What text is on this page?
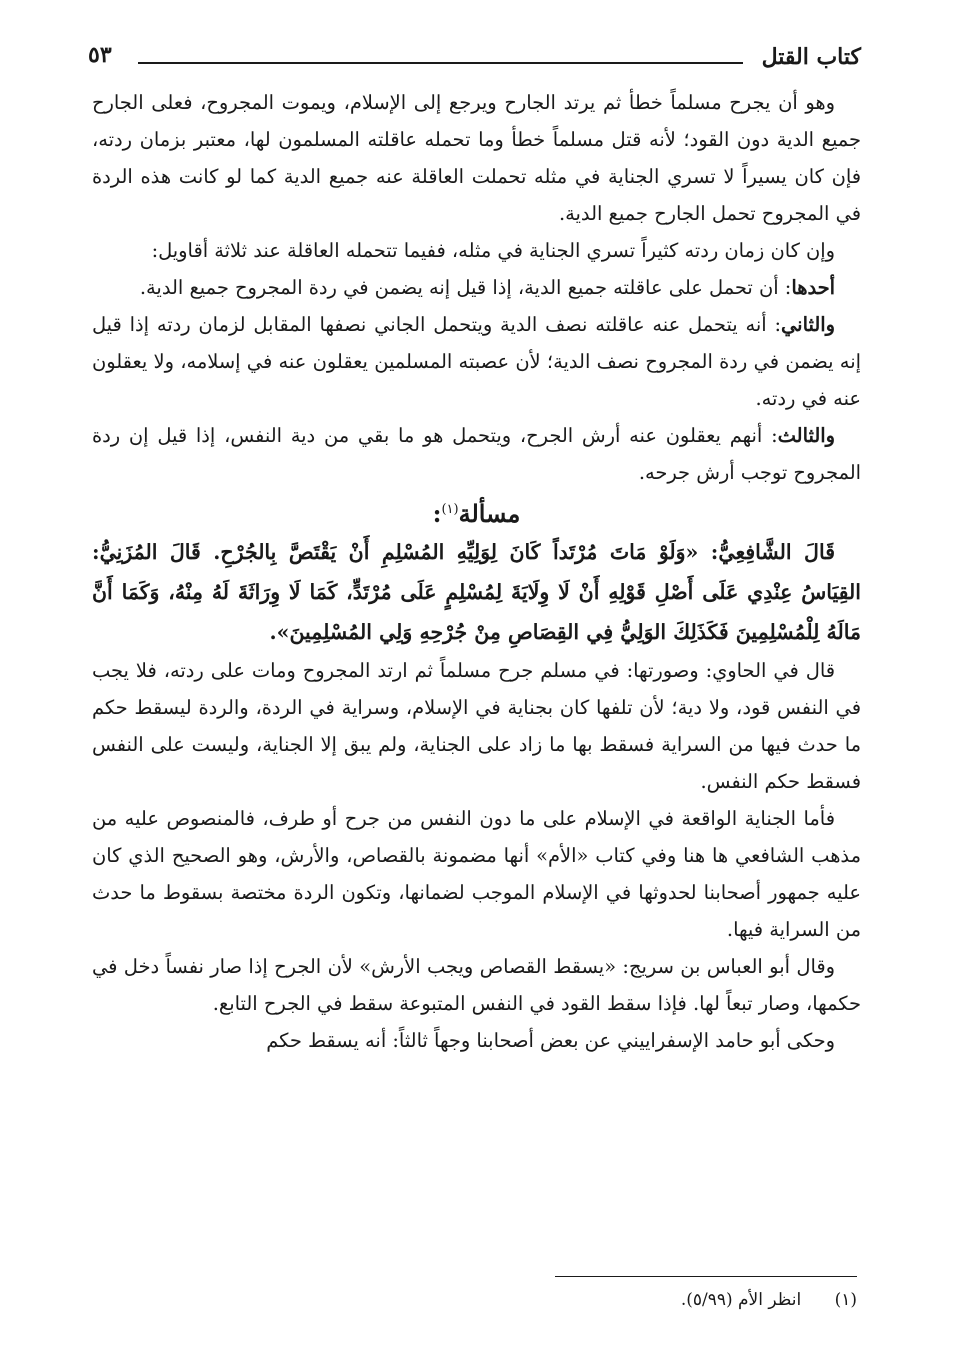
كتاب القتل
٥٣

وهو أن يجرح مسلماً خطأ ثم يرتد الجارح ويرجع إلى الإسلام، ويموت المجروح، فعلى الجارح جميع الدية دون القود؛ لأنه قتل مسلماً خطأ وما تحمله عاقلته المسلمون لها، معتبر بزمان ردته، فإن كان يسيراً لا تسري الجناية في مثله تحملت العاقلة عنه جميع الدية كما لو كانت هذه الردة في المجروح تحمل الجارح جميع الدية.

وإن كان زمان ردته كثيراً تسري الجناية في مثله، ففيما تتحمله العاقلة عند ثلاثة أقاويل:

أحدها: أن تحمل على عاقلته جميع الدية، إذا قيل إنه يضمن في ردة المجروح جميع الدية.

والثاني: أنه يتحمل عنه عاقلته نصف الدية ويتحمل الجاني نصفها المقابل لزمان ردته إذا قيل إنه يضمن في ردة المجروح نصف الدية؛ لأن عصبته المسلمين يعقلون عنه في إسلامه، ولا يعقلون عنه في ردته.

والثالث: أنهم يعقلون عنه أرش الجرح، ويتحمل هو ما بقي من دية النفس، إذا قيل إن ردة المجروح توجب أرش جرحه.

مسألة$^{(١)}$:

قَالَ الشَّافِعِيُّ: «وَلَوْ مَاتَ مُرْتَداً كَانَ لِوَلِيِّهِ المُسْلِمِ أَنْ يَقْتَصَّ بِالجُرْحِ. قَالَ المُزَنِيُّ: القِيَاسُ عِنْدِي عَلَى أَصْلِ قَوْلِهِ أَنْ لَا وِلَايَةَ لِمُسْلِمٍ عَلَى مُرْتَدٍّ، كَمَا لَا وِرَاثَةَ لَهُ مِنْهُ، وَكَمَا أَنَّ مَالَهُ لِلْمُسْلِمِينَ فَكَذَلِكَ الوَلِيُّ فِي القِصَاصِ مِنْ جُرْحِهِ وَلِي المُسْلِمِينَ».

قال في الحاوي: وصورتها: في مسلم جرح مسلماً ثم ارتد المجروح ومات على ردته، فلا يجب في النفس قود، ولا دية؛ لأن تلفها كان بجناية في الإسلام، وسراية في الردة، والردة ليسقط حكم ما حدث فيها من السراية فسقط بها ما زاد على الجناية، ولم يبق إلا الجناية، وليست على النفس فسقط حكم النفس.

فأما الجناية الواقعة في الإسلام على ما دون النفس من جرح أو طرف، فالمنصوص عليه من مذهب الشافعي ها هنا وفي كتاب «الأم» أنها مضمونة بالقصاص، والأرش، وهو الصحيح الذي كان عليه جمهور أصحابنا لحدوثها في الإسلام الموجب لضمانها، وتكون الردة مختصة بسقوط ما حدث من السراية فيها.

وقال أبو العباس بن سريج: «يسقط القصاص ويجب الأرش» لأن الجرح إذا صار نفساً دخل في حكمها، وصار تبعاً لها. فإذا سقط القود في النفس المتبوعة سقط في الجرح التابع.

وحكى أبو حامد الإسفراييني عن بعض أصحابنا وجهاً ثالثاً: أنه يسقط حكم

(١) انظر الأم (٥/٩٩).
